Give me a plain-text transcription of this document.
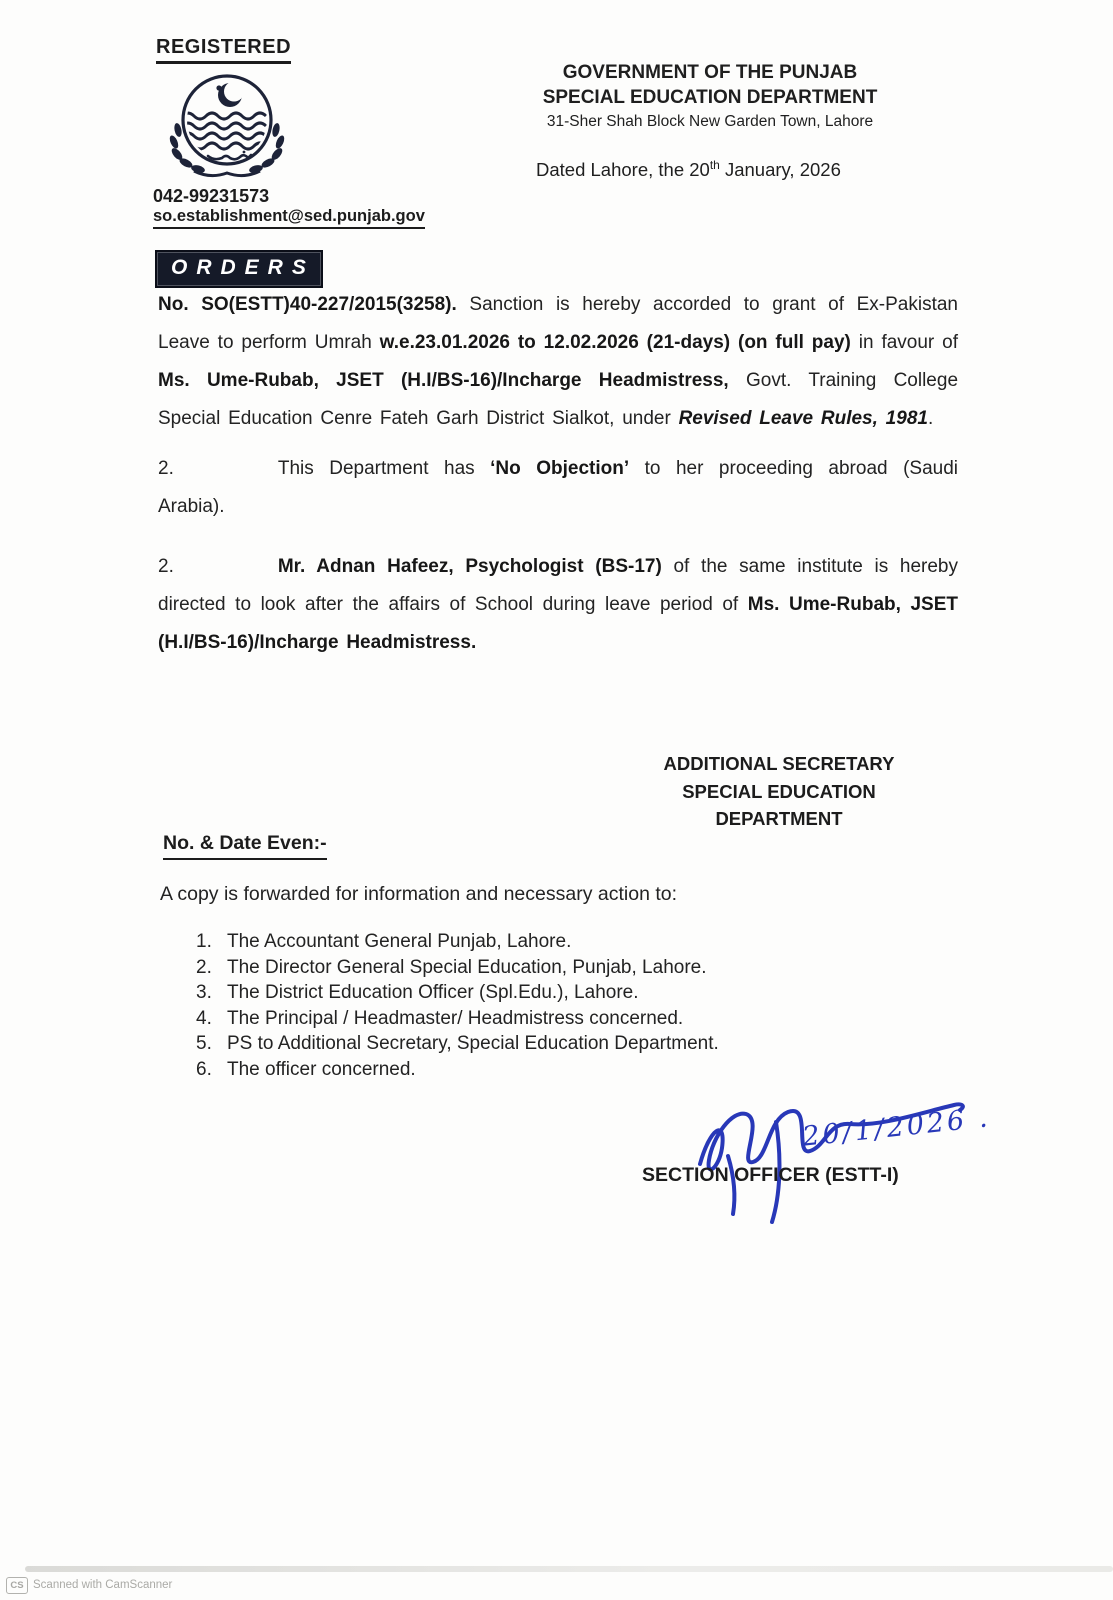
REGISTERED
042-99231573
so.establishment@sed.punjab.gov
GOVERNMENT OF THE PUNJAB
SPECIAL EDUCATION DEPARTMENT
31-Sher Shah Block New Garden Town, Lahore
Dated Lahore, the 20th January, 2026
ORDERS

No. SO(ESTT)40-227/2015(3258). Sanction is hereby accorded to grant of Ex-Pakistan Leave to perform Umrah w.e.23.01.2026 to 12.02.2026 (21-days) (on full pay) in favour of Ms. Ume-Rubab, JSET (H.I/BS-16)/Incharge Headmistress, Govt. Training College Special Education Cenre Fateh Garh District Sialkot, under Revised Leave Rules, 1981.

2.	This Department has ‘No Objection’ to her proceeding abroad (Saudi Arabia).

2.	Mr. Adnan Hafeez, Psychologist (BS-17) of the same institute is hereby directed to look after the affairs of School during leave period of Ms. Ume-Rubab, JSET (H.I/BS-16)/Incharge Headmistress.

ADDITIONAL SECRETARY
SPECIAL EDUCATION
DEPARTMENT
No. & Date Even:-
A copy is forwarded for information and necessary action to:
1. The Accountant General Punjab, Lahore.
2. The Director General Special Education, Punjab, Lahore.
3. The District Education Officer (Spl.Edu.), Lahore.
4. The Principal / Headmaster/ Headmistress concerned.
5. PS to Additional Secretary, Special Education Department.
6. The officer concerned.
20/1/2026 .
SECTION OFFICER (ESTT-I)
CS Scanned with CamScanner
